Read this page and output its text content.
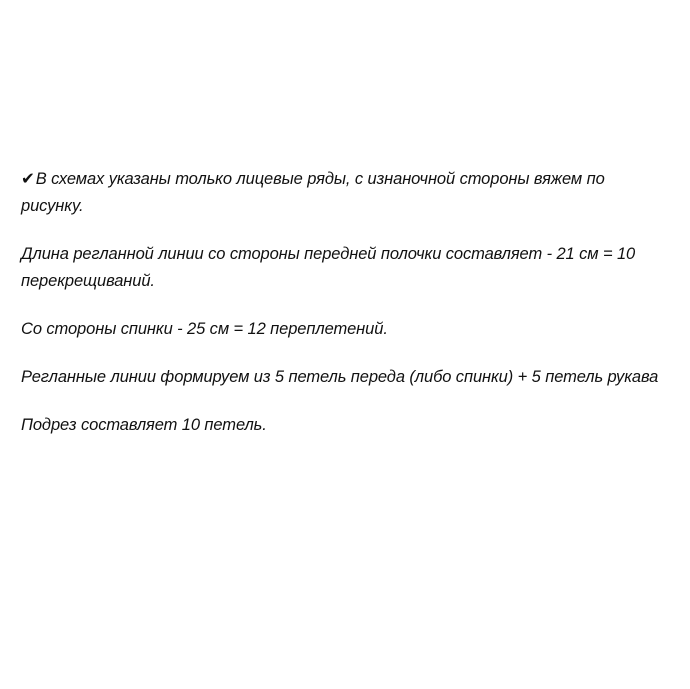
✔В схемах указаны только лицевые ряды, с изнаночной стороны вяжем по рисунку.

Длина регланной линии со стороны передней полочки составляет - 21 см = 10 перекрещиваний.

Со стороны спинки - 25 см = 12 переплетений.

Регланные линии формируем из 5 петель переда (либо спинки) + 5 петель рукава

Подрез составляет 10 петель.
